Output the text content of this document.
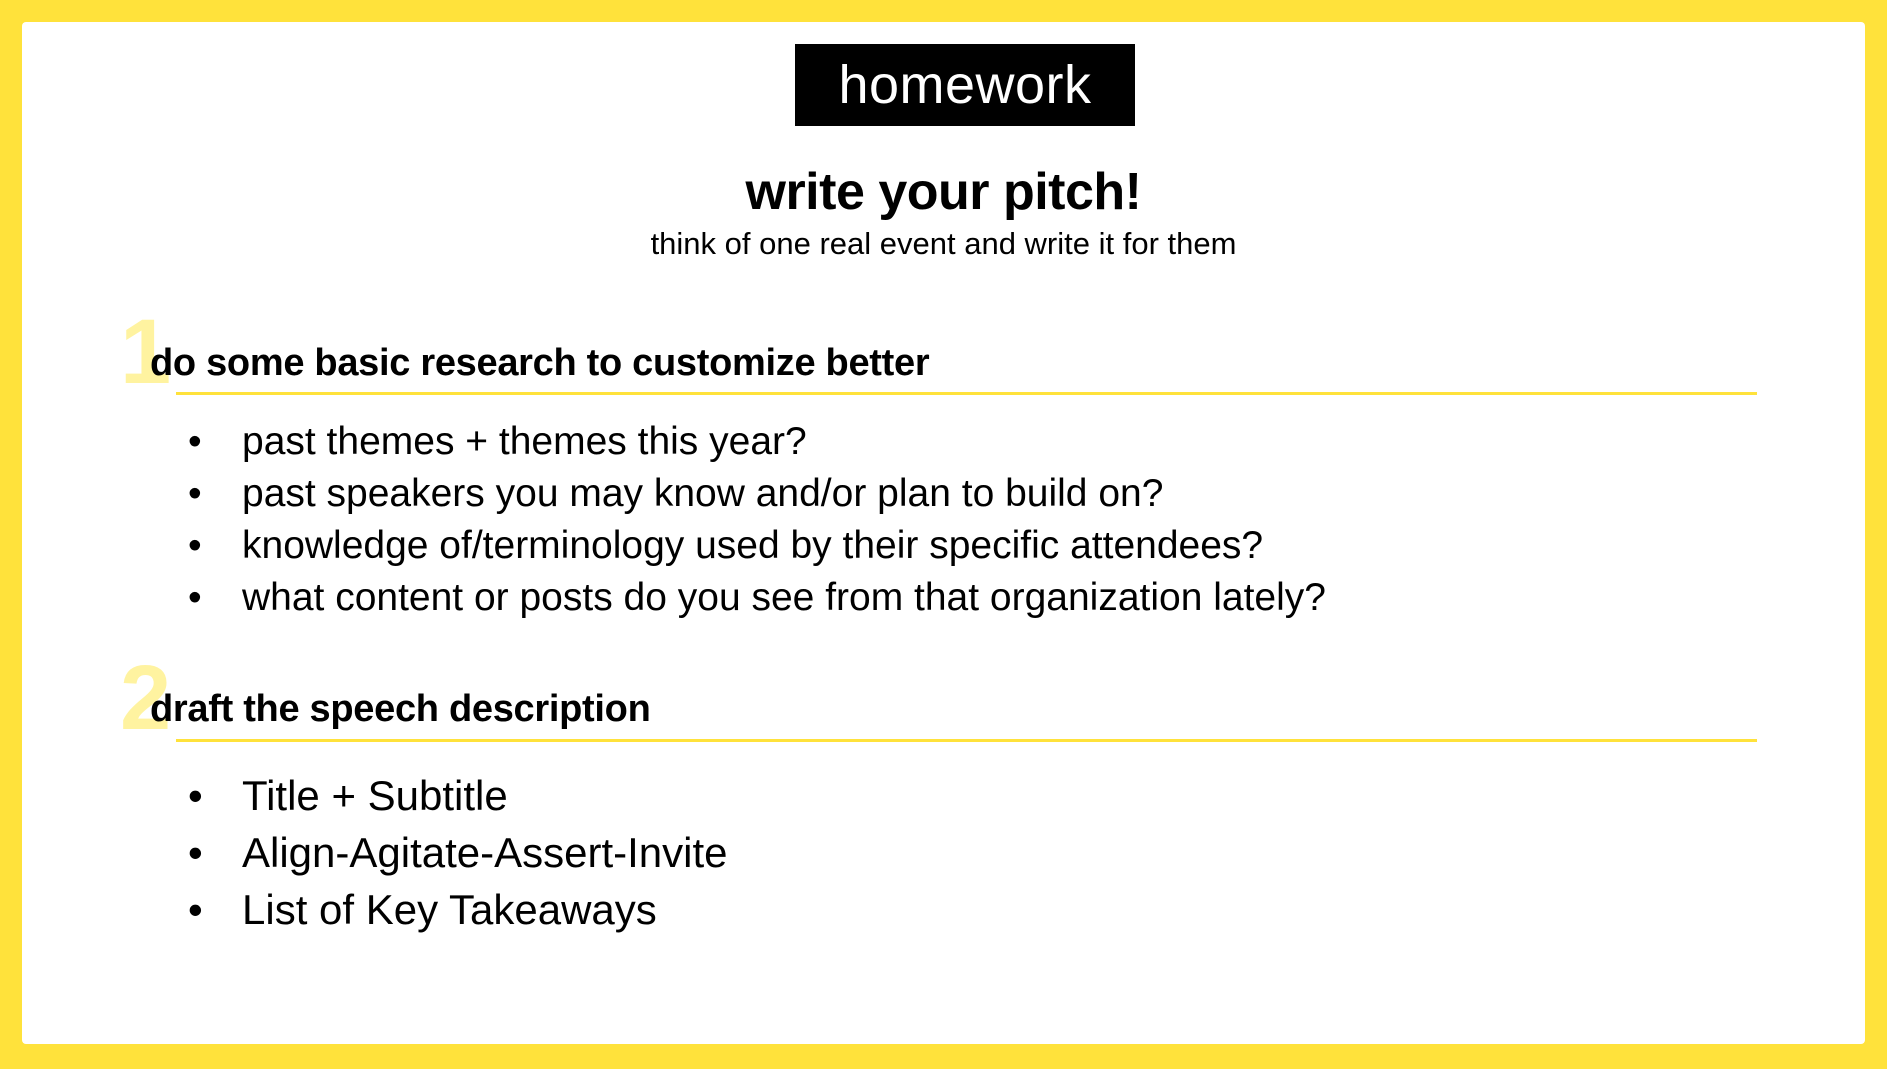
homework
write your pitch!
think of one real event and write it for them
1
do some basic research to customize better
• past themes + themes this year?
• past speakers you may know and/or plan to build on?
• knowledge of/terminology used by their specific attendees?
• what content or posts do you see from that organization lately?
2
draft the speech description
• Title + Subtitle
• Align-Agitate-Assert-Invite
• List of Key Takeaways
